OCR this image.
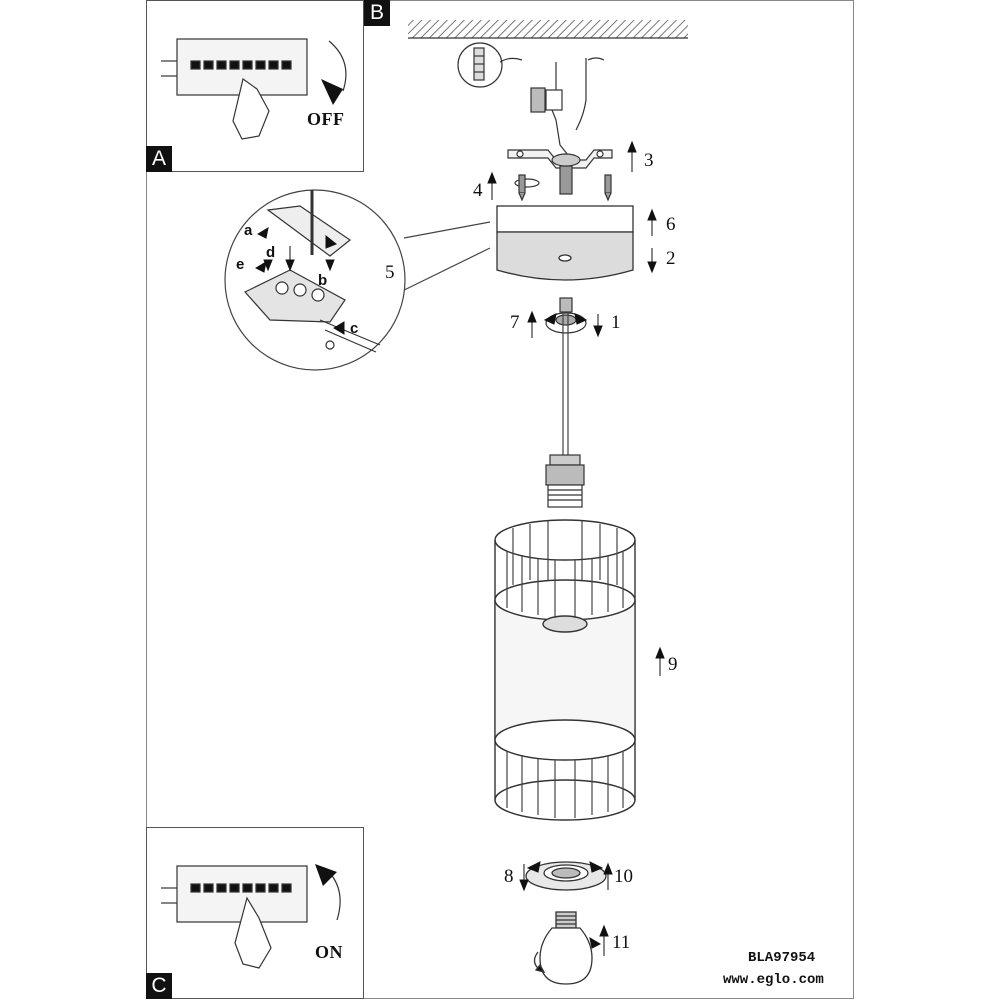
OFF
A
B
ON
C
1
2
3
4
5
6
7
8
9
10
11
a
b
c
d
e
BLA97954
www.eglo.com
